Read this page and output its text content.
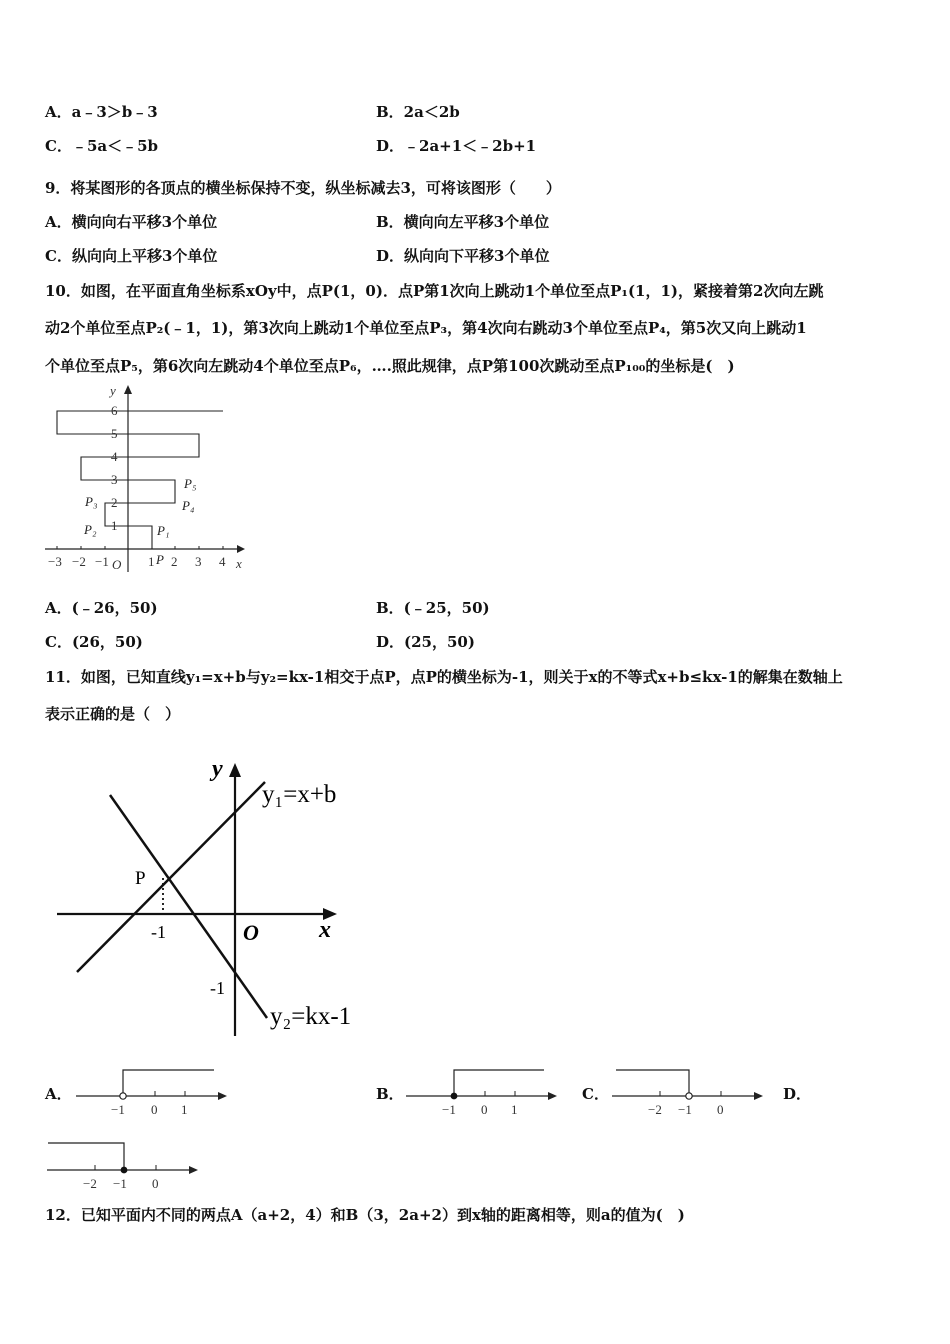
A．a﹣3＞b﹣3	B．2a＜2b
C．﹣5a＜﹣5b	D．﹣2a+1＜﹣2b+1
9．将某图形的各顶点的横坐标保持不变，纵坐标减去3，可将该图形（　　）
A．横向向右平移3个单位	B．横向向左平移3个单位
C．纵向向上平移3个单位	D．纵向向下平移3个单位
10．如图，在平面直角坐标系xOy中，点P(1，0)．点P第1次向上跳动1个单位至点P₁(1，1)，紧接着第2次向左跳
动2个单位至点P₂(﹣1，1)，第3次向上跳动1个单位至点P₃，第4次向右跳动3个单位至点P₄，第5次又向上跳动1
个单位至点P₅，第6次向左跳动4个单位至点P₆，….照此规律，点P第100次跳动至点P₁₀₀的坐标是(　)
−3 −2 −1 O 1 2 3 4 x
1
2
3
4
5
6
y
P
P₁
P₂
P₃	P₄
P₅
A．(﹣26，50)	B．(﹣25，50)
C．(26，50)	D．(25，50)
11．如图，已知直线y₁=x+b与y₂=kx-1相交于点P，点P的横坐标为-1，则关于x的不等式x+b≤kx-1的解集在数轴上
表示正确的是（　）
y
x
O
P
-1
-1
y₁=x+b
y₂=kx-1
A．
−1 0 1
B．
−1 0 1
C．
−2 −1 0
D．
−2 −1 0
12．已知平面内不同的两点A（a+2，4）和B（3，2a+2）到x轴的距离相等，则a的值为(　)
